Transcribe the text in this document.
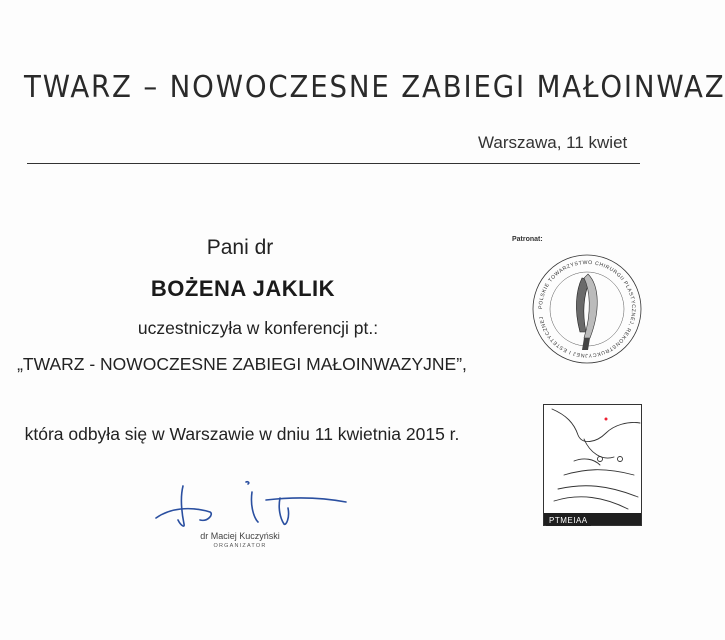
TWARZ – NOWOCZESNE ZABIEGI MAŁOINWAZ
Warszawa, 11 kwiet
Pani dr
BOŻENA JAKLIK
uczestniczyła w konferencji pt.:
„TWARZ - NOWOCZESNE ZABIEGI MAŁOINWAZYJNE”,
która odbyła się w Warszawie w dniu 11 kwietnia 2015 r.
dr Maciej Kuczyński
ORGANIZATOR
Patronat:
POLSKIE TOWARZYSTWO CHIRURGII PLASTYCZNEJ, REKONSTRUKCYJNEJ I ESTETYCZNEJ
PTMEIAA
